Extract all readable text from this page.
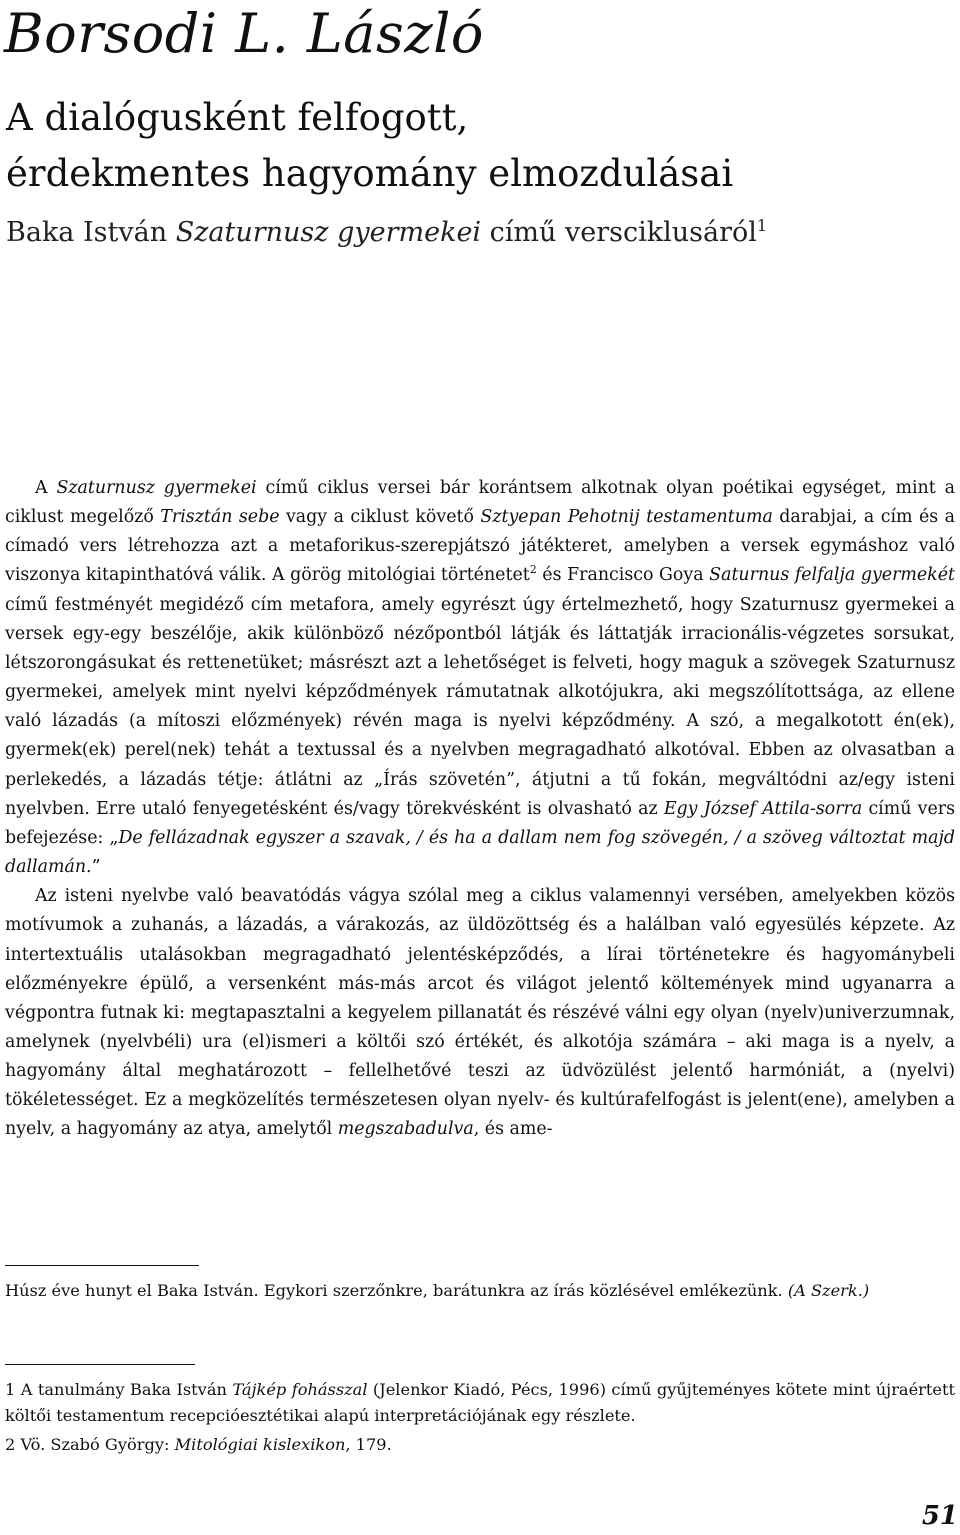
Borsodi L. László
A dialógusként felfogott,
érdekmentes hagyomány elmozdulásai
Baka István Szaturnusz gyermekei című versciklusáról$^1$

A Szaturnusz gyermekei című ciklus versei bár korántsem alkotnak olyan poétikai egységet, mint a ciklust megelőző Trisztán sebe vagy a ciklust követő Sztyepan Pehotnij testamentuma darabjai, a cím és a címadó vers létrehozza azt a metaforikus-szerepjátszó játékteret, amelyben a versek egymáshoz való viszonya kitapinthatóvá válik. A görög mitológiai történetet$^2$ és Francisco Goya Saturnus felfalja gyermekét című festményét megidéző cím metafora, amely egyrészt úgy értelmezhető, hogy Szaturnusz gyermekei a versek egy-egy beszélője, akik különböző nézőpontból látják és láttatják irracionális-végzetes sorsukat, létszorongásukat és rettenetüket; másrészt azt a lehetőséget is felveti, hogy maguk a szövegek Szaturnusz gyermekei, amelyek mint nyelvi képződmények rámutatnak alkotójukra, aki megszólítottsága, az ellene való lázadás (a mítoszi előzmények) révén maga is nyelvi képződmény. A szó, a megalkotott én(ek), gyermek(ek) perel(nek) tehát a textussal és a nyelvben megragadható alkotóval. Ebben az olvasatban a perlekedés, a lázadás tétje: átlátni az „Írás szövetén”, átjutni a tű fokán, megváltódni az/egy isteni nyelvben. Erre utaló fenyegetésként és/vagy törekvésként is olvasható az Egy József Attila-sorra című vers befejezése: „De fellázadnak egyszer a szavak, / és ha a dallam nem fog szövegén, / a szöveg változtat majd dallamán.”

Az isteni nyelvbe való beavatódás vágya szólal meg a ciklus valamennyi versében, amelyekben közös motívumok a zuhanás, a lázadás, a várakozás, az üldözöttség és a halálban való egyesülés képzete. Az intertextuális utalásokban megragadható jelentésképződés, a lírai történetekre és hagyománybeli előzményekre épülő, a versenként más-más arcot és világot jelentő költemények mind ugyanarra a végpontra futnak ki: megtapasztalni a kegyelem pillanatát és részévé válni egy olyan (nyelv)univerzumnak, amelynek (nyelvbéli) ura (el)ismeri a költői szó értékét, és alkotója számára – aki maga is a nyelv, a hagyomány által meghatározott – fellelhetővé teszi az üdvözülést jelentő harmóniát, a (nyelvi) tökéletességet. Ez a megközelítés természetesen olyan nyelv- és kultúrafelfogást is jelent(ene), amelyben a nyelv, a hagyomány az atya, amelytől megszabadulva, és ame-

Húsz éve hunyt el Baka István. Egykori szerzőnkre, barátunkra az írás közlésével emlékezünk. (A Szerk.)
1 A tanulmány Baka István Tájkép fohásszal (Jelenkor Kiadó, Pécs, 1996) című gyűjteményes kötete mint újraértett költői testamentum recepcióesztétikai alapú interpretációjának egy részlete.
2 Vö. Szabó György: Mitológiai kislexikon, 179.
51
